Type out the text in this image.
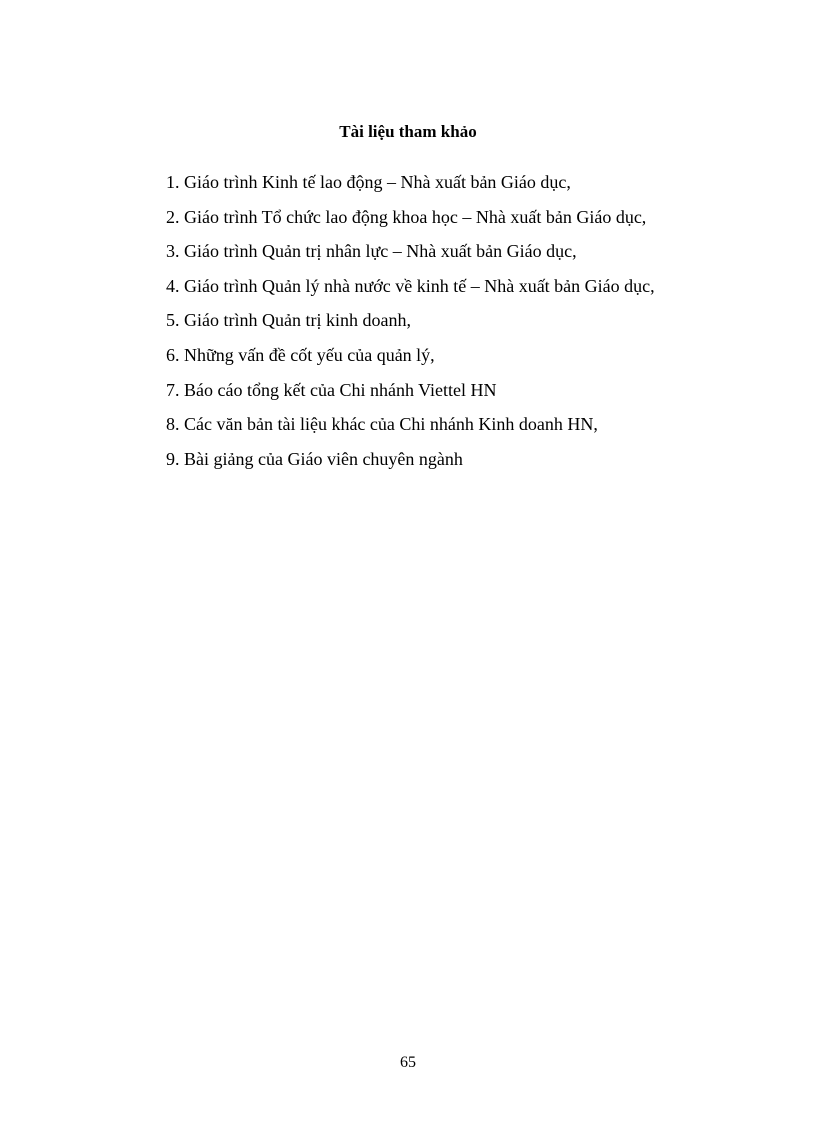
Tài liệu tham khảo
1. Giáo trình Kinh tế lao động – Nhà xuất bản Giáo dục,
2. Giáo trình Tổ chức lao động khoa học – Nhà xuất bản Giáo dục,
3. Giáo trình Quản trị nhân lực – Nhà xuất bản Giáo dục,
4. Giáo trình Quản lý nhà nước về kinh tế – Nhà xuất bản Giáo dục,
5. Giáo trình Quản trị kinh doanh,
6. Những vấn đề cốt yếu của quản lý,
7. Báo cáo tổng kết của Chi nhánh Viettel HN
8. Các văn bản tài liệu khác của Chi nhánh Kinh doanh HN,
9. Bài giảng của Giáo viên chuyên ngành
65
